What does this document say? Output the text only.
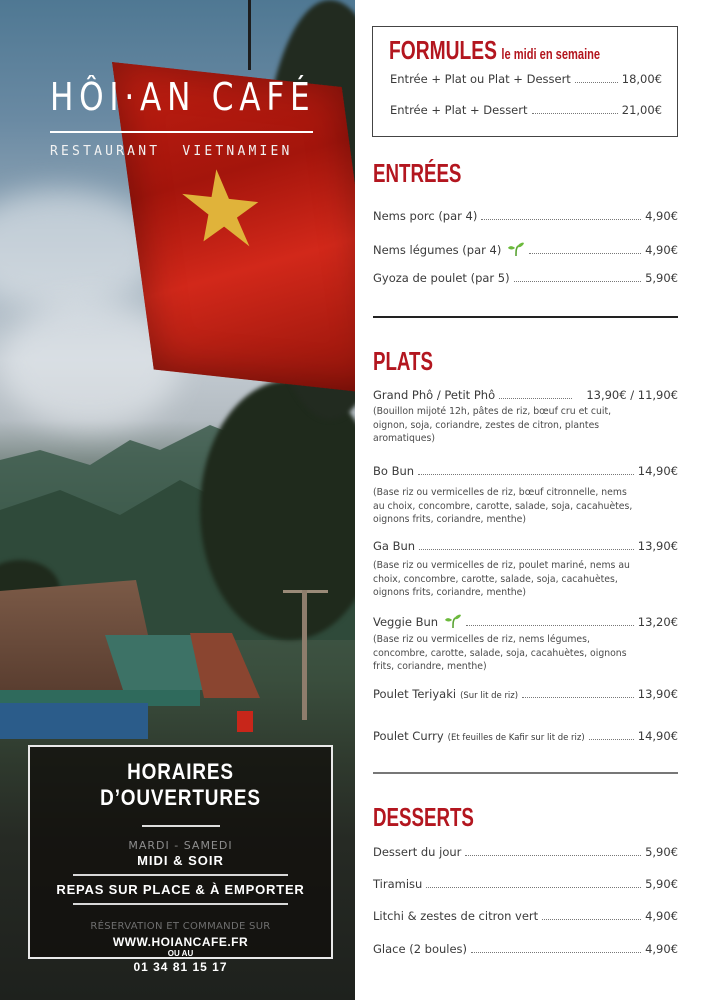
HÔI·AN CAFÉ
RESTAURANT  VIETNAMIEN
HORAIRES D’OUVERTURES
MARDI - SAMEDI
MIDI & SOIR
REPAS SUR PLACE & À EMPORTER
RÉSERVATION ET COMMANDE SUR
WWW.HOIANCAFE.FR
OU AU
01 34 81 15 17
FORMULES le midi en semaine
Entrée + Plat ou Plat + Dessert	18,00€
Entrée + Plat + Dessert	21,00€
ENTRÉES
Nems porc (par 4)	4,90€
Nems légumes (par 4)	4,90€
Gyoza de poulet (par 5)	5,90€
PLATS
Grand Phô / Petit Phô	13,90€ / 11,90€
(Bouillon mijoté 12h, pâtes de riz, bœuf cru et cuit, oignon, soja, coriandre, zestes de citron, plantes aromatiques)
Bo Bun	14,90€
(Base riz ou vermicelles de riz, bœuf citronnelle, nems au choix, concombre, carotte, salade, soja, cacahuètes, oignons frits, coriandre, menthe)
Ga Bun	13,90€
(Base riz ou vermicelles de riz, poulet mariné, nems au choix, concombre, carotte, salade, soja, cacahuètes, oignons frits, coriandre, menthe)
Veggie Bun	13,20€
(Base riz ou vermicelles de riz, nems légumes, concombre, carotte, salade, soja, cacahuètes, oignons frits, coriandre, menthe)
Poulet Teriyaki (Sur lit de riz)	13,90€
Poulet Curry (Et feuilles de Kafir sur lit de riz)	14,90€
DESSERTS
Dessert du jour	5,90€
Tiramisu	5,90€
Litchi & zestes de citron vert	4,90€
Glace (2 boules)	4,90€
